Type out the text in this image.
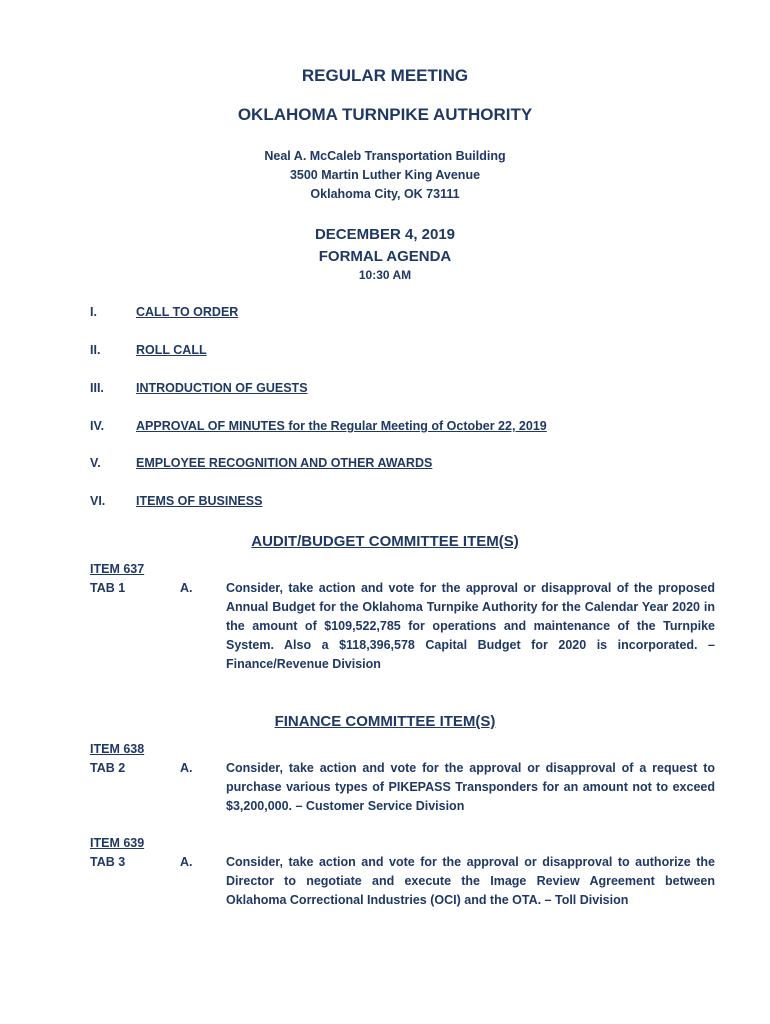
REGULAR MEETING
OKLAHOMA TURNPIKE AUTHORITY
Neal A. McCaleb Transportation Building
3500 Martin Luther King Avenue
Oklahoma City, OK 73111
DECEMBER 4, 2019
FORMAL AGENDA
10:30 AM
I.	CALL TO ORDER
II.	ROLL CALL
III.	INTRODUCTION OF GUESTS
IV.	APPROVAL OF MINUTES for the Regular Meeting of October 22, 2019
V.	EMPLOYEE RECOGNITION AND OTHER AWARDS
VI.	ITEMS OF BUSINESS
AUDIT/BUDGET COMMITTEE ITEM(S)
ITEM 637
TAB 1	A.	Consider, take action and vote for the approval or disapproval of the proposed Annual Budget for the Oklahoma Turnpike Authority for the Calendar Year 2020 in the amount of $109,522,785 for operations and maintenance of the Turnpike System. Also a $118,396,578 Capital Budget for 2020 is incorporated. – Finance/Revenue Division
FINANCE COMMITTEE ITEM(S)
ITEM 638
TAB 2	A.	Consider, take action and vote for the approval or disapproval of a request to purchase various types of PIKEPASS Transponders for an amount not to exceed $3,200,000. – Customer Service Division
ITEM 639
TAB 3	A.	Consider, take action and vote for the approval or disapproval to authorize the Director to negotiate and execute the Image Review Agreement between Oklahoma Correctional Industries (OCI) and the OTA. – Toll Division
